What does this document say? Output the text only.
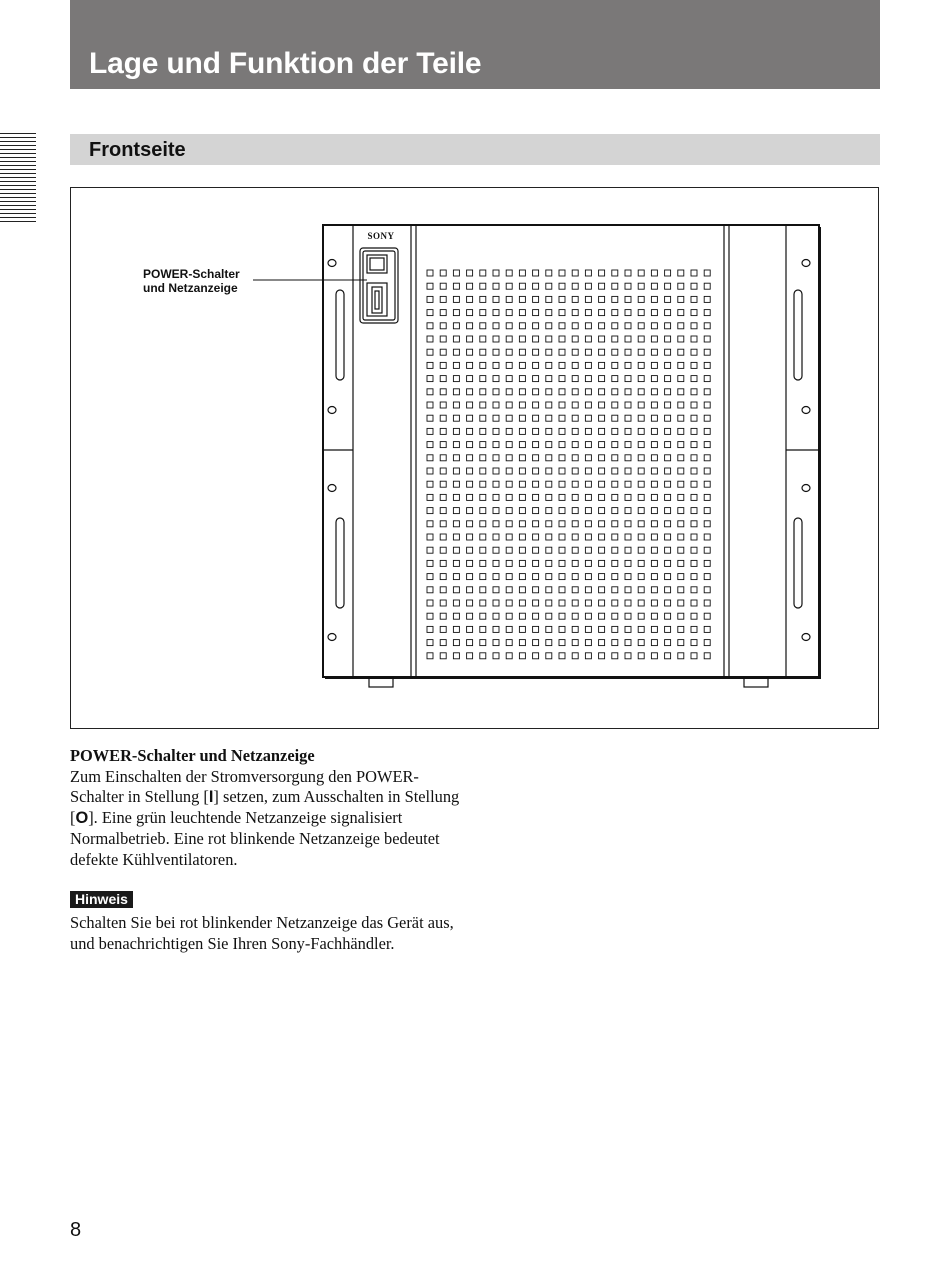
Lage und Funktion der Teile
Frontseite
SONY
POWER-Schalter
und Netzanzeige
POWER-Schalter und Netzanzeige

Zum Einschalten der Stromversorgung den POWER-Schalter in Stellung [I] setzen, zum Ausschalten in Stellung [O]. Eine grün leuchtende Netzanzeige signalisiert Normalbetrieb. Eine rot blinkende Netzanzeige bedeutet defekte Kühlventilatoren.

Hinweis

Schalten Sie bei rot blinkender Netzanzeige das Gerät aus, und benachrichtigen Sie Ihren Sony-Fachhändler.

8
